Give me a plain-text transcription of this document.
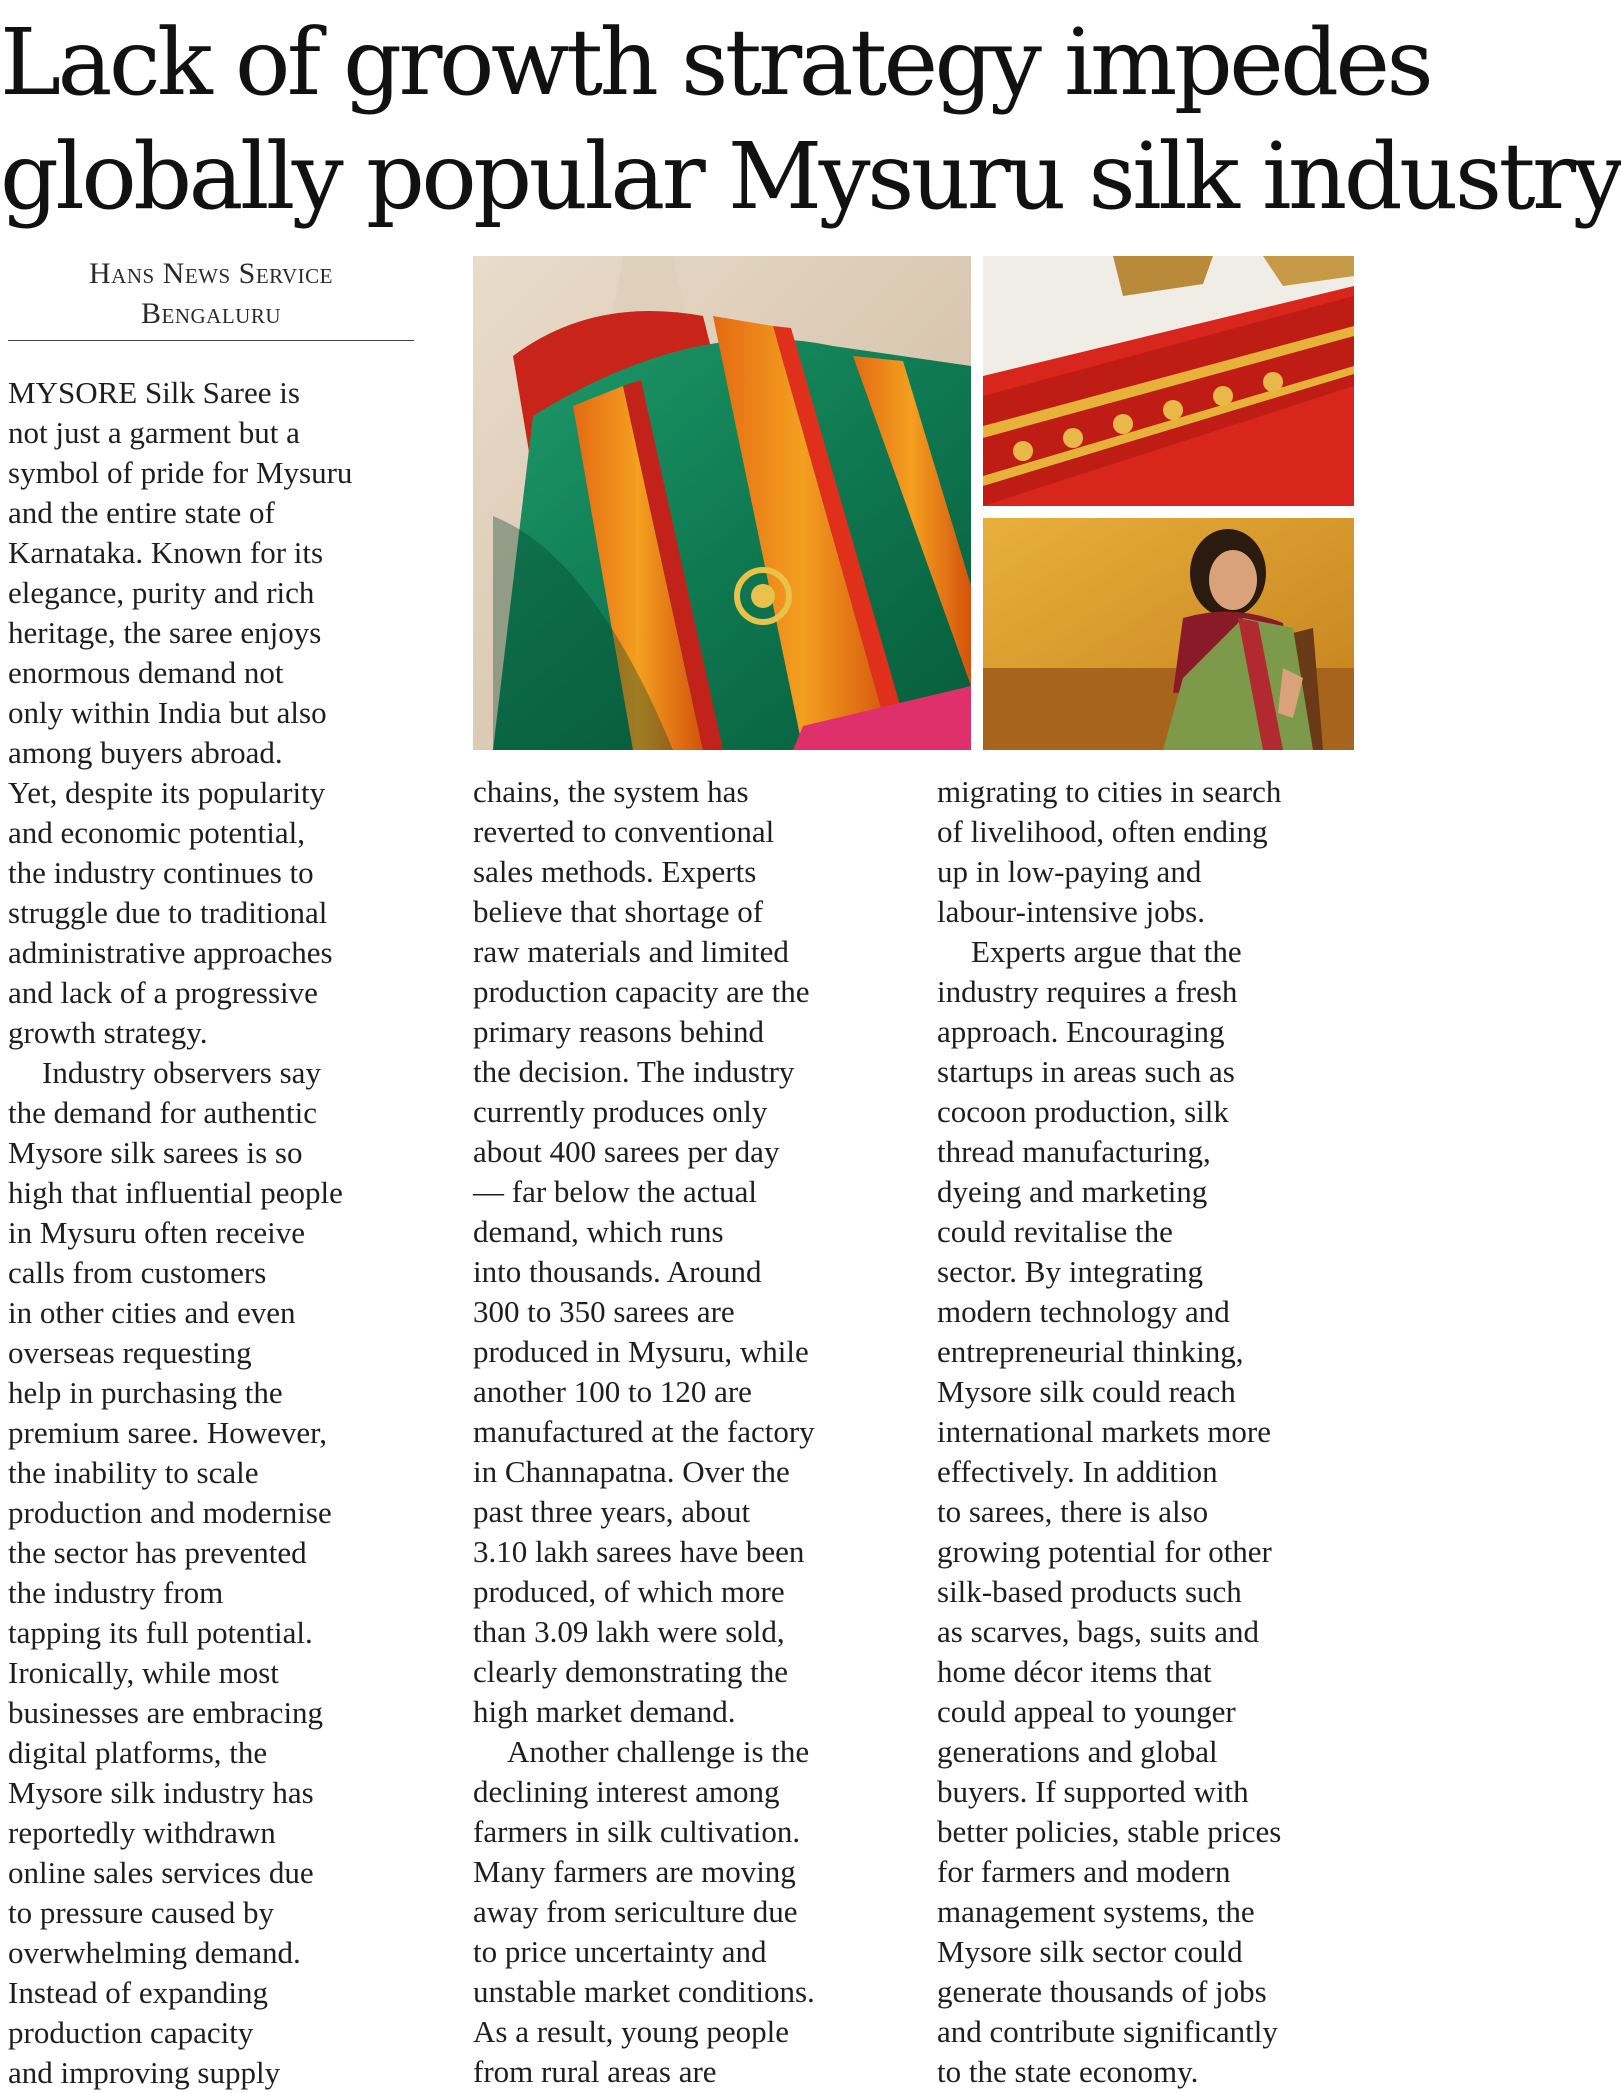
Lack of growth strategy impedes
globally popular Mysuru silk industry
Hans News Service
Bengaluru
MYSORE Silk Saree is
not just a garment but a
symbol of pride for Mysuru
and the entire state of
Karnataka. Known for its
elegance, purity and rich
heritage, the saree enjoys
enormous demand not
only within India but also
among buyers abroad.
Yet, despite its popularity
and economic potential,
the industry continues to
struggle due to traditional
administrative approaches
and lack of a progressive
growth strategy.
Industry observers say
the demand for authentic
Mysore silk sarees is so
high that influential people
in Mysuru often receive
calls from customers
in other cities and even
overseas requesting
help in purchasing the
premium saree. However,
the inability to scale
production and modernise
the sector has prevented
the industry from
tapping its full potential.
Ironically, while most
businesses are embracing
digital platforms, the
Mysore silk industry has
reportedly withdrawn
online sales services due
to pressure caused by
overwhelming demand.
Instead of expanding
production capacity
and improving supply
chains, the system has
reverted to conventional
sales methods. Experts
believe that shortage of
raw materials and limited
production capacity are the
primary reasons behind
the decision. The industry
currently produces only
about 400 sarees per day
— far below the actual
demand, which runs
into thousands. Around
300 to 350 sarees are
produced in Mysuru, while
another 100 to 120 are
manufactured at the factory
in Channapatna. Over the
past three years, about
3.10 lakh sarees have been
produced, of which more
than 3.09 lakh were sold,
clearly demonstrating the
high market demand.
Another challenge is the
declining interest among
farmers in silk cultivation.
Many farmers are moving
away from sericulture due
to price uncertainty and
unstable market conditions.
As a result, young people
from rural areas are
migrating to cities in search
of livelihood, often ending
up in low-paying and
labour-intensive jobs.
Experts argue that the
industry requires a fresh
approach. Encouraging
startups in areas such as
cocoon production, silk
thread manufacturing,
dyeing and marketing
could revitalise the
sector. By integrating
modern technology and
entrepreneurial thinking,
Mysore silk could reach
international markets more
effectively. In addition
to sarees, there is also
growing potential for other
silk-based products such
as scarves, bags, suits and
home décor items that
could appeal to younger
generations and global
buyers. If supported with
better policies, stable prices
for farmers and modern
management systems, the
Mysore silk sector could
generate thousands of jobs
and contribute significantly
to the state economy.
